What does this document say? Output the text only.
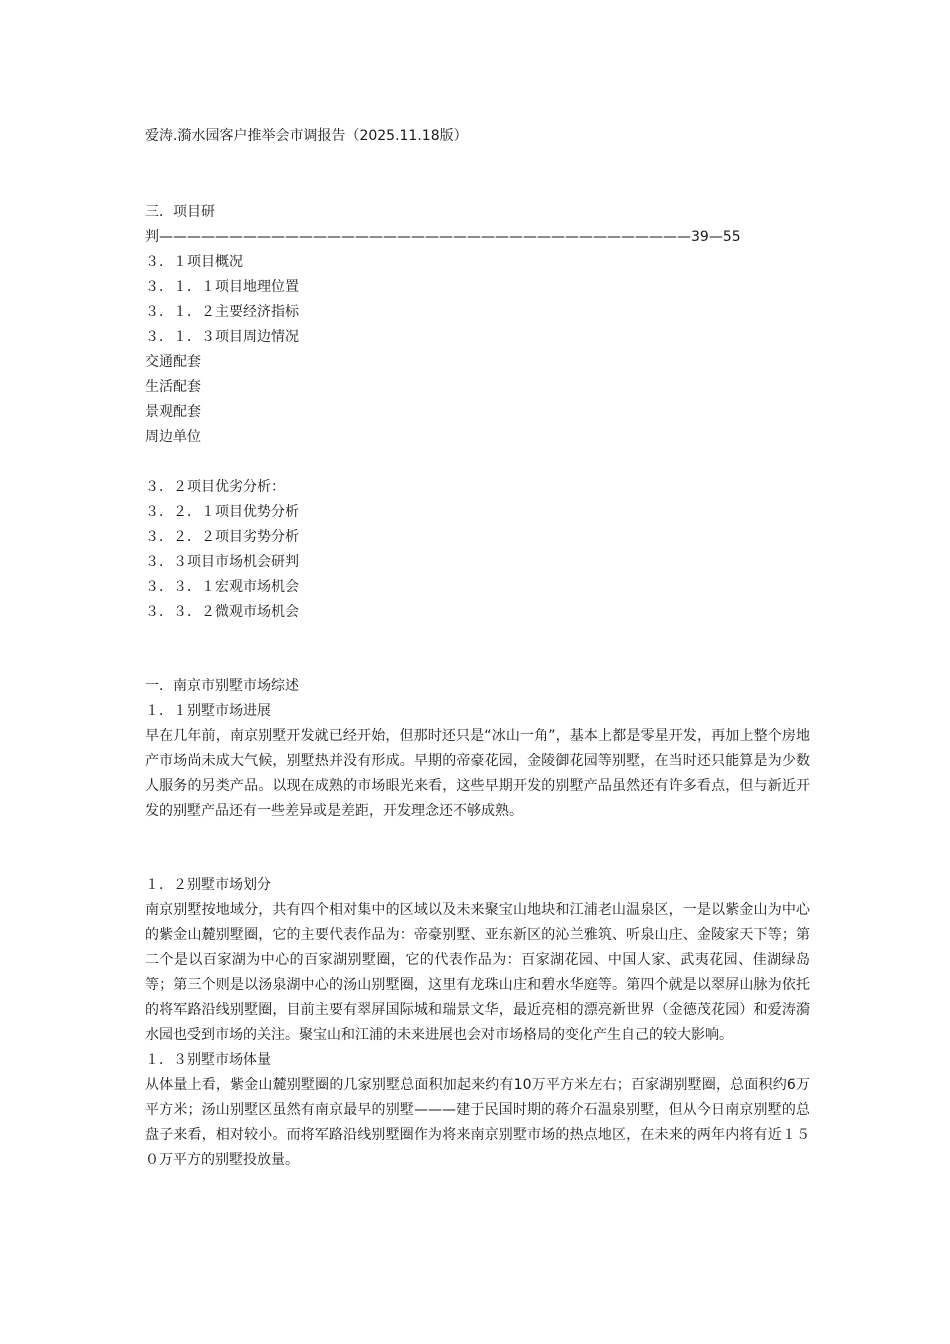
爱涛.漪水园客户推举会市调报告（2025.11.18版）
三．项目研
判——————————————————————————————————————39—55
３．１项目概况
３．１．１项目地理位置
３．１．２主要经济指标
３．１．３项目周边情况
交通配套
生活配套
景观配套
周边单位
３．２项目优劣分析：
３．２．１项目优势分析
３．２．２项目劣势分析
３．３项目市场机会研判
３．３．１宏观市场机会
３．３．２微观市场机会
一．南京市别墅市场综述
１．１别墅市场进展
早在几年前，南京别墅开发就已经开始，但那时还只是“冰山一角”，基本上都是零星开发，再加上整个房地产市场尚未成大气候，别墅热并没有形成。早期的帝豪花园，金陵御花园等别墅，在当时还只能算是为少数人服务的另类产品。以现在成熟的市场眼光来看，这些早期开发的别墅产品虽然还有许多看点，但与新近开发的别墅产品还有一些差异或是差距，开发理念还不够成熟。
１．２别墅市场划分
南京别墅按地域分，共有四个相对集中的区域以及未来聚宝山地块和江浦老山温泉区，一是以紫金山为中心的紫金山麓别墅圈，它的主要代表作品为：帝豪别墅、亚东新区的沁兰雅筑、听泉山庄、金陵家天下等；第二个是以百家湖为中心的百家湖别墅圈，它的代表作品为：百家湖花园、中国人家、武夷花园、佳湖绿岛等；第三个则是以汤泉湖中心的汤山别墅圈，这里有龙珠山庄和碧水华庭等。第四个就是以翠屏山脉为依托的将军路沿线别墅圈，目前主要有翠屏国际城和瑞景文华，最近亮相的漂亮新世界（金德茂花园）和爱涛漪水园也受到市场的关注。聚宝山和江浦的未来进展也会对市场格局的变化产生自己的较大影响。
１．３别墅市场体量
从体量上看，紫金山麓别墅圈的几家别墅总面积加起来约有10万平方米左右；百家湖别墅圈，总面积约6万平方米；汤山别墅区虽然有南京最早的别墅———建于民国时期的蒋介石温泉别墅，但从今日南京别墅的总盘子来看，相对较小。而将军路沿线别墅圈作为将来南京别墅市场的热点地区，在未来的两年内将有近１５０万平方的别墅投放量。
